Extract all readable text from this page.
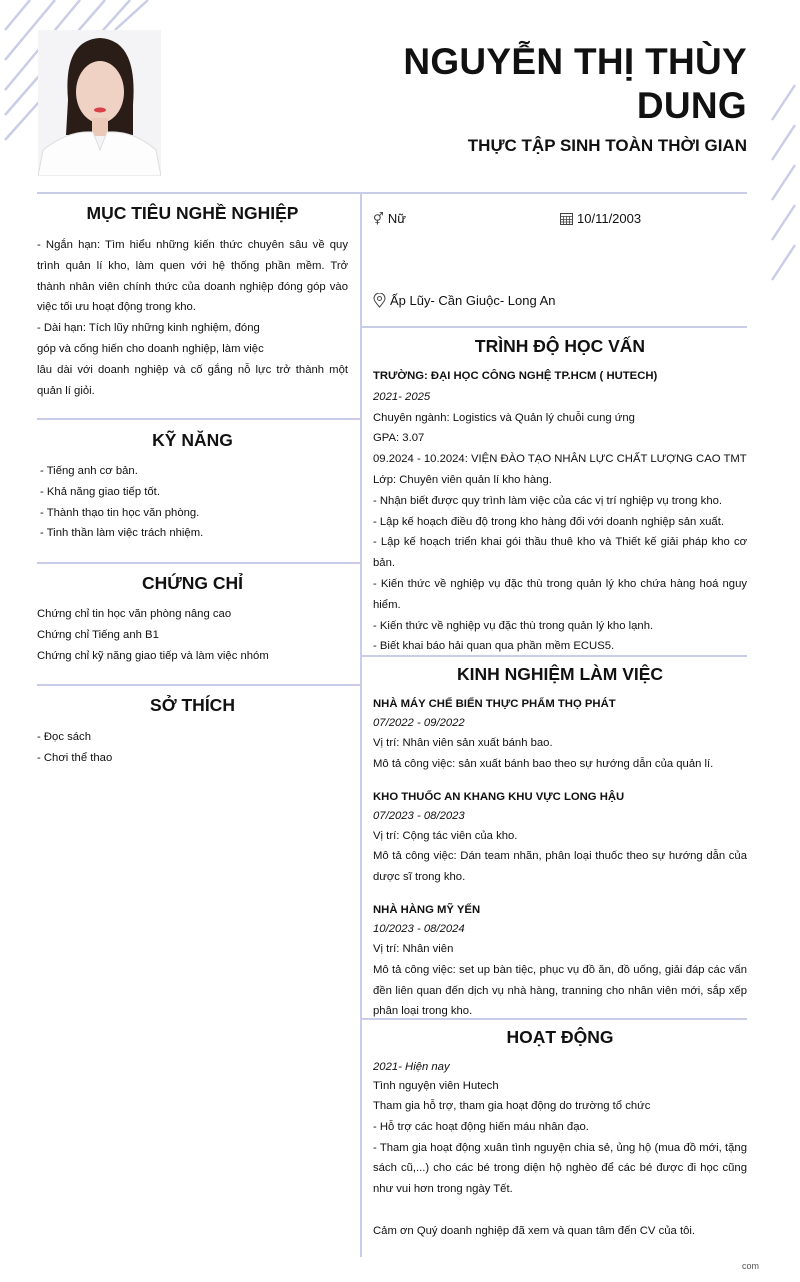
NGUYỄN THỊ THÙY DUNG
THỰC TẬP SINH TOÀN THỜI GIAN
MỤC TIÊU NGHỀ NGHIỆP
- Ngắn hạn: Tìm hiểu những kiến thức chuyên sâu về quy trình quản lí kho, làm quen với hệ thống phần mềm. Trở thành nhân viên chính thức của doanh nghiệp đóng góp vào việc tối ưu hoạt động trong kho.
- Dài hạn: Tích lũy những kinh nghiệm, đóng
góp và cống hiến cho doanh nghiệp, làm việc
lâu dài với doanh nghiệp và cố gắng nỗ lực trở thành một quản lí giỏi.
KỸ NĂNG
- Tiếng anh cơ bản.
- Khả năng giao tiếp tốt.
- Thành thạo tin học văn phòng.
- Tinh thần làm việc trách nhiệm.
CHỨNG CHỈ
Chứng chỉ tin học văn phòng nâng cao
Chứng chỉ Tiếng anh B1
Chứng chỉ kỹ năng giao tiếp và làm việc nhóm
SỞ THÍCH
- Đọc sách
- Chơi thể thao
⚥ Nữ	10/11/2003
Ấp Lũy- Cần Giuộc- Long An
TRÌNH ĐỘ HỌC VẤN
TRƯỜNG: ĐẠI HỌC CÔNG NGHỆ TP.HCM ( HUTECH)
2021- 2025
Chuyên ngành: Logistics và Quản lý chuỗi cung ứng
GPA: 3.07
09.2024 - 10.2024: VIỆN ĐÀO TẠO NHÂN LỰC CHẤT LƯỢNG CAO TMT
Lớp: Chuyên viên quản lí kho hàng.
- Nhận biết được quy trình làm việc của các vị trí nghiệp vụ trong kho.
- Lập kế hoạch điều độ trong kho hàng đối với doanh nghiệp sản xuất.
- Lập kế hoạch triển khai gói thầu thuê kho và Thiết kế giải pháp kho cơ bản.
- Kiến thức về nghiệp vụ đặc thù trong quản lý kho chứa hàng hoá nguy hiểm.
- Kiến thức về nghiệp vụ đặc thù trong quản lý kho lạnh.
- Biết khai báo hải quan qua phần mềm ECUS5.
KINH NGHIỆM LÀM VIỆC
NHÀ MÁY CHẾ BIẾN THỰC PHẨM THỌ PHÁT
07/2022 - 09/2022
Vị trí: Nhân viên sản xuất bánh bao.
Mô tả công việc: sản xuất bánh bao theo sự hướng dẫn của quản lí.
KHO THUỐC AN KHANG KHU VỰC LONG HẬU
07/2023 - 08/2023
Vị trí: Cộng tác viên của kho.
Mô tả công việc: Dán team nhãn, phân loại thuốc theo sự hướng dẫn của dược sĩ trong kho.
NHÀ HÀNG MỸ YẾN
10/2023 - 08/2024
Vị trí: Nhân viên
Mô tả công việc: set up bàn tiệc, phục vụ đồ ăn, đồ uống, giải đáp các vấn đền liên quan đến dịch vụ nhà hàng, tranning cho nhân viên mới, sắp xếp phân loại trong kho.
HOẠT ĐỘNG
2021- Hiện nay
Tình nguyện viên Hutech
Tham gia hỗ trợ, tham gia hoạt động do trường tổ chức
- Hỗ trợ các hoạt động hiến máu nhân đạo.
- Tham gia hoạt động xuân tình nguyện chia sẻ, ủng hộ (mua đồ mới, tặng sách cũ,...) cho các bé trong diện hộ nghèo để các bé được đi học cũng như vui hơn trong ngày Tết.
Cảm ơn Quý doanh nghiệp đã xem và quan tâm đến CV của tôi.
com
